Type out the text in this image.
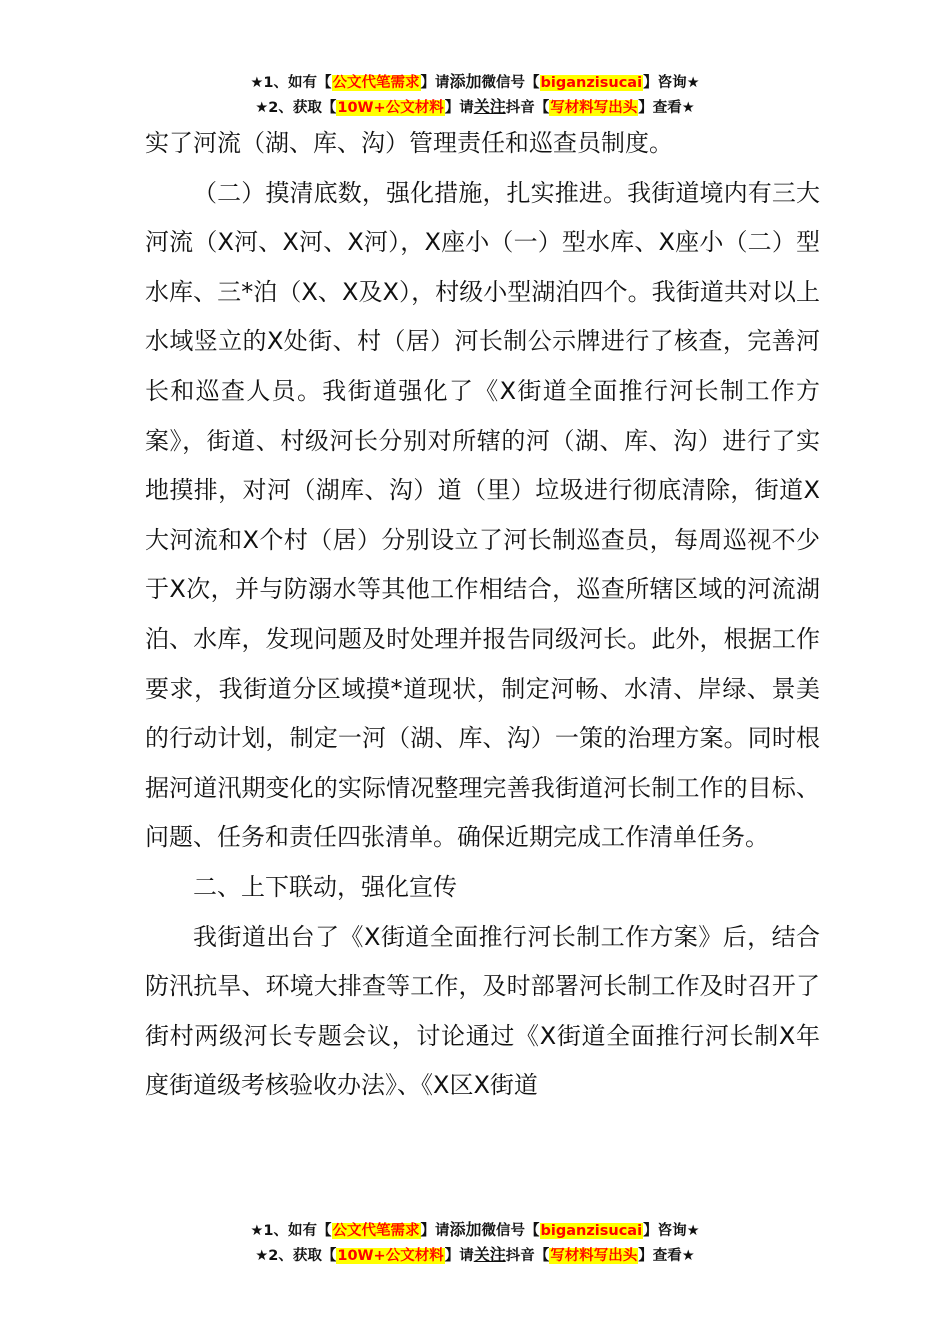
★1、如有【公文代笔需求】请添加微信号【biganzisucai】咨询★
★2、获取【10W+公文材料】请关注抖音【写材料写出头】查看★

实了河流（湖、库、沟）管理责任和巡查员制度。

（二）摸清底数，强化措施，扎实推进。我街道境内有三大河流（X河、X河、X河），X座小（一）型水库、X座小（二）型水库、三*泊（X、X及X），村级小型湖泊四个。我街道共对以上水域竖立的X处街、村（居）河长制公示牌进行了核查，完善河长和巡查人员。我街道强化了《X街道全面推行河长制工作方案》，街道、村级河长分别对所辖的河（湖、库、沟）进行了实地摸排，对河（湖库、沟）道（里）垃圾进行彻底清除，街道X大河流和X个村（居）分别设立了河长制巡查员，每周巡视不少于X次，并与防溺水等其他工作相结合，巡查所辖区域的河流湖泊、水库，发现问题及时处理并报告同级河长。此外，根据工作要求，我街道分区域摸*道现状，制定河畅、水清、岸绿、景美的行动计划，制定一河（湖、库、沟）一策的治理方案。同时根据河道汛期变化的实际情况整理完善我街道河长制工作的目标、问题、任务和责任四张清单。确保近期完成工作清单任务。

二、上下联动，强化宣传

我街道出台了《X街道全面推行河长制工作方案》后，结合防汛抗旱、环境大排查等工作，及时部署河长制工作及时召开了街村两级河长专题会议，讨论通过《X街道全面推行河长制X年度街道级考核验收办法》、《X区X街道

★1、如有【公文代笔需求】请添加微信号【biganzisucai】咨询★
★2、获取【10W+公文材料】请关注抖音【写材料写出头】查看★
